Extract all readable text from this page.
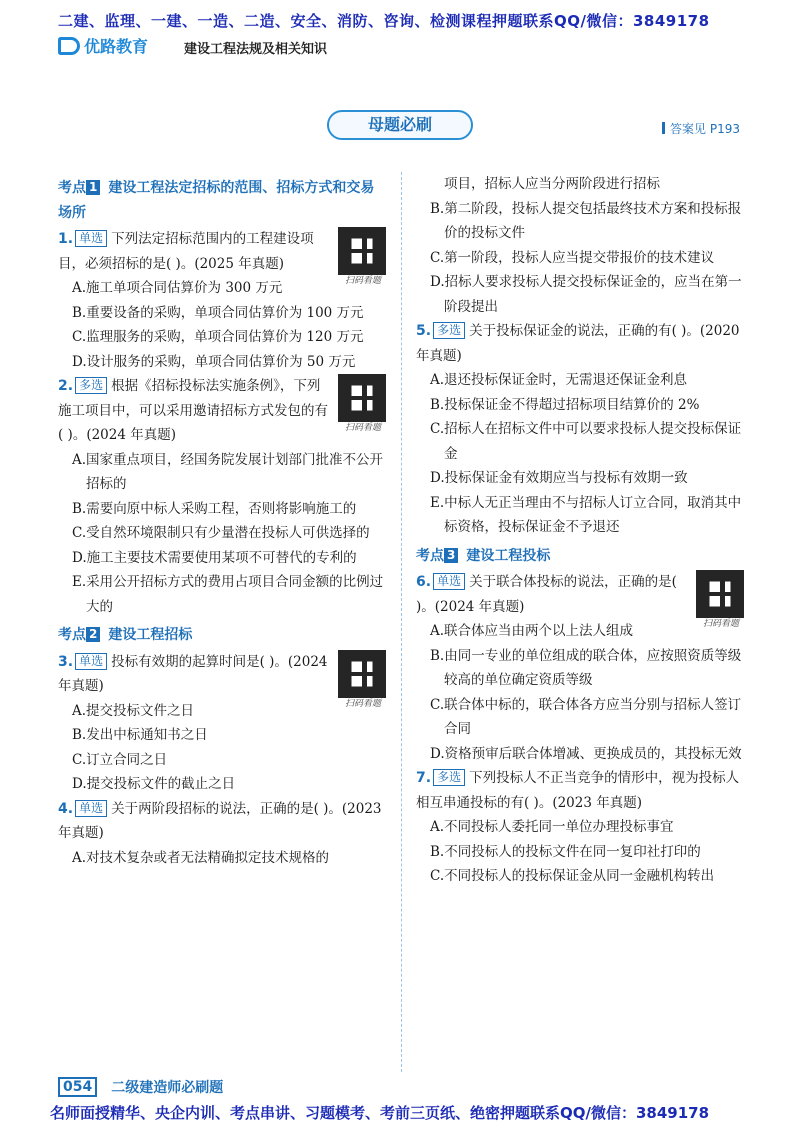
二建、监理、一建、一造、二造、安全、消防、咨询、检测课程押题联系QQ/微信：3849178
优路教育	建设工程法规及相关知识
母题必刷	答案见 P193
考点 1 建设工程法定招标的范围、招标方式和交易场所
扫码看题
1. 单选 下列法定招标范围内的工程建设项目，必须招标的是( )。(2025 年真题)
A.施工单项合同估算价为 300 万元
B.重要设备的采购，单项合同估算价为 100 万元
C.监理服务的采购，单项合同估算价为 120 万元
D.设计服务的采购，单项合同估算价为 50 万元
扫码看题
2. 多选 根据《招标投标法实施条例》，下列施工项目中，可以采用邀请招标方式发包的有( )。(2024 年真题)
A.国家重点项目，经国务院发展计划部门批准不公开招标的
B.需要向原中标人采购工程，否则将影响施工的
C.受自然环境限制只有少量潜在投标人可供选择的
D.施工主要技术需要使用某项不可替代的专利的
E.采用公开招标方式的费用占项目合同金额的比例过大的
考点 2 建设工程招标
扫码看题
3. 单选 投标有效期的起算时间是( )。(2024 年真题)
A.提交投标文件之日
B.发出中标通知书之日
C.订立合同之日
D.提交投标文件的截止之日
4. 单选 关于两阶段招标的说法，正确的是( )。(2023 年真题)
A.对技术复杂或者无法精确拟定技术规格的
项目，招标人应当分两阶段进行招标
B.第二阶段，投标人提交包括最终技术方案和投标报价的投标文件
C.第一阶段，投标人应当提交带报价的技术建议
D.招标人要求投标人提交投标保证金的，应当在第一阶段提出
5. 多选 关于投标保证金的说法，正确的有( )。(2020 年真题)
A.退还投标保证金时，无需退还保证金利息
B.投标保证金不得超过招标项目结算价的 2%
C.招标人在招标文件中可以要求投标人提交投标保证金
D.投标保证金有效期应当与投标有效期一致
E.中标人无正当理由不与招标人订立合同，取消其中标资格，投标保证金不予退还
考点 3 建设工程投标
扫码看题
6. 单选 关于联合体投标的说法，正确的是( )。(2024 年真题)
A.联合体应当由两个以上法人组成
B.由同一专业的单位组成的联合体，应按照资质等级较高的单位确定资质等级
C.联合体中标的，联合体各方应当分别与招标人签订合同
D.资格预审后联合体增减、更换成员的，其投标无效
7. 多选 下列投标人不正当竞争的情形中，视为投标人相互串通投标的有( )。(2023 年真题)
A.不同投标人委托同一单位办理投标事宜
B.不同投标人的投标文件在同一复印社打印的
C.不同投标人的投标保证金从同一金融机构转出
054	二级建造师必刷题
名师面授精华、央企内训、考点串讲、习题模考、考前三页纸、绝密押题联系QQ/微信：3849178
